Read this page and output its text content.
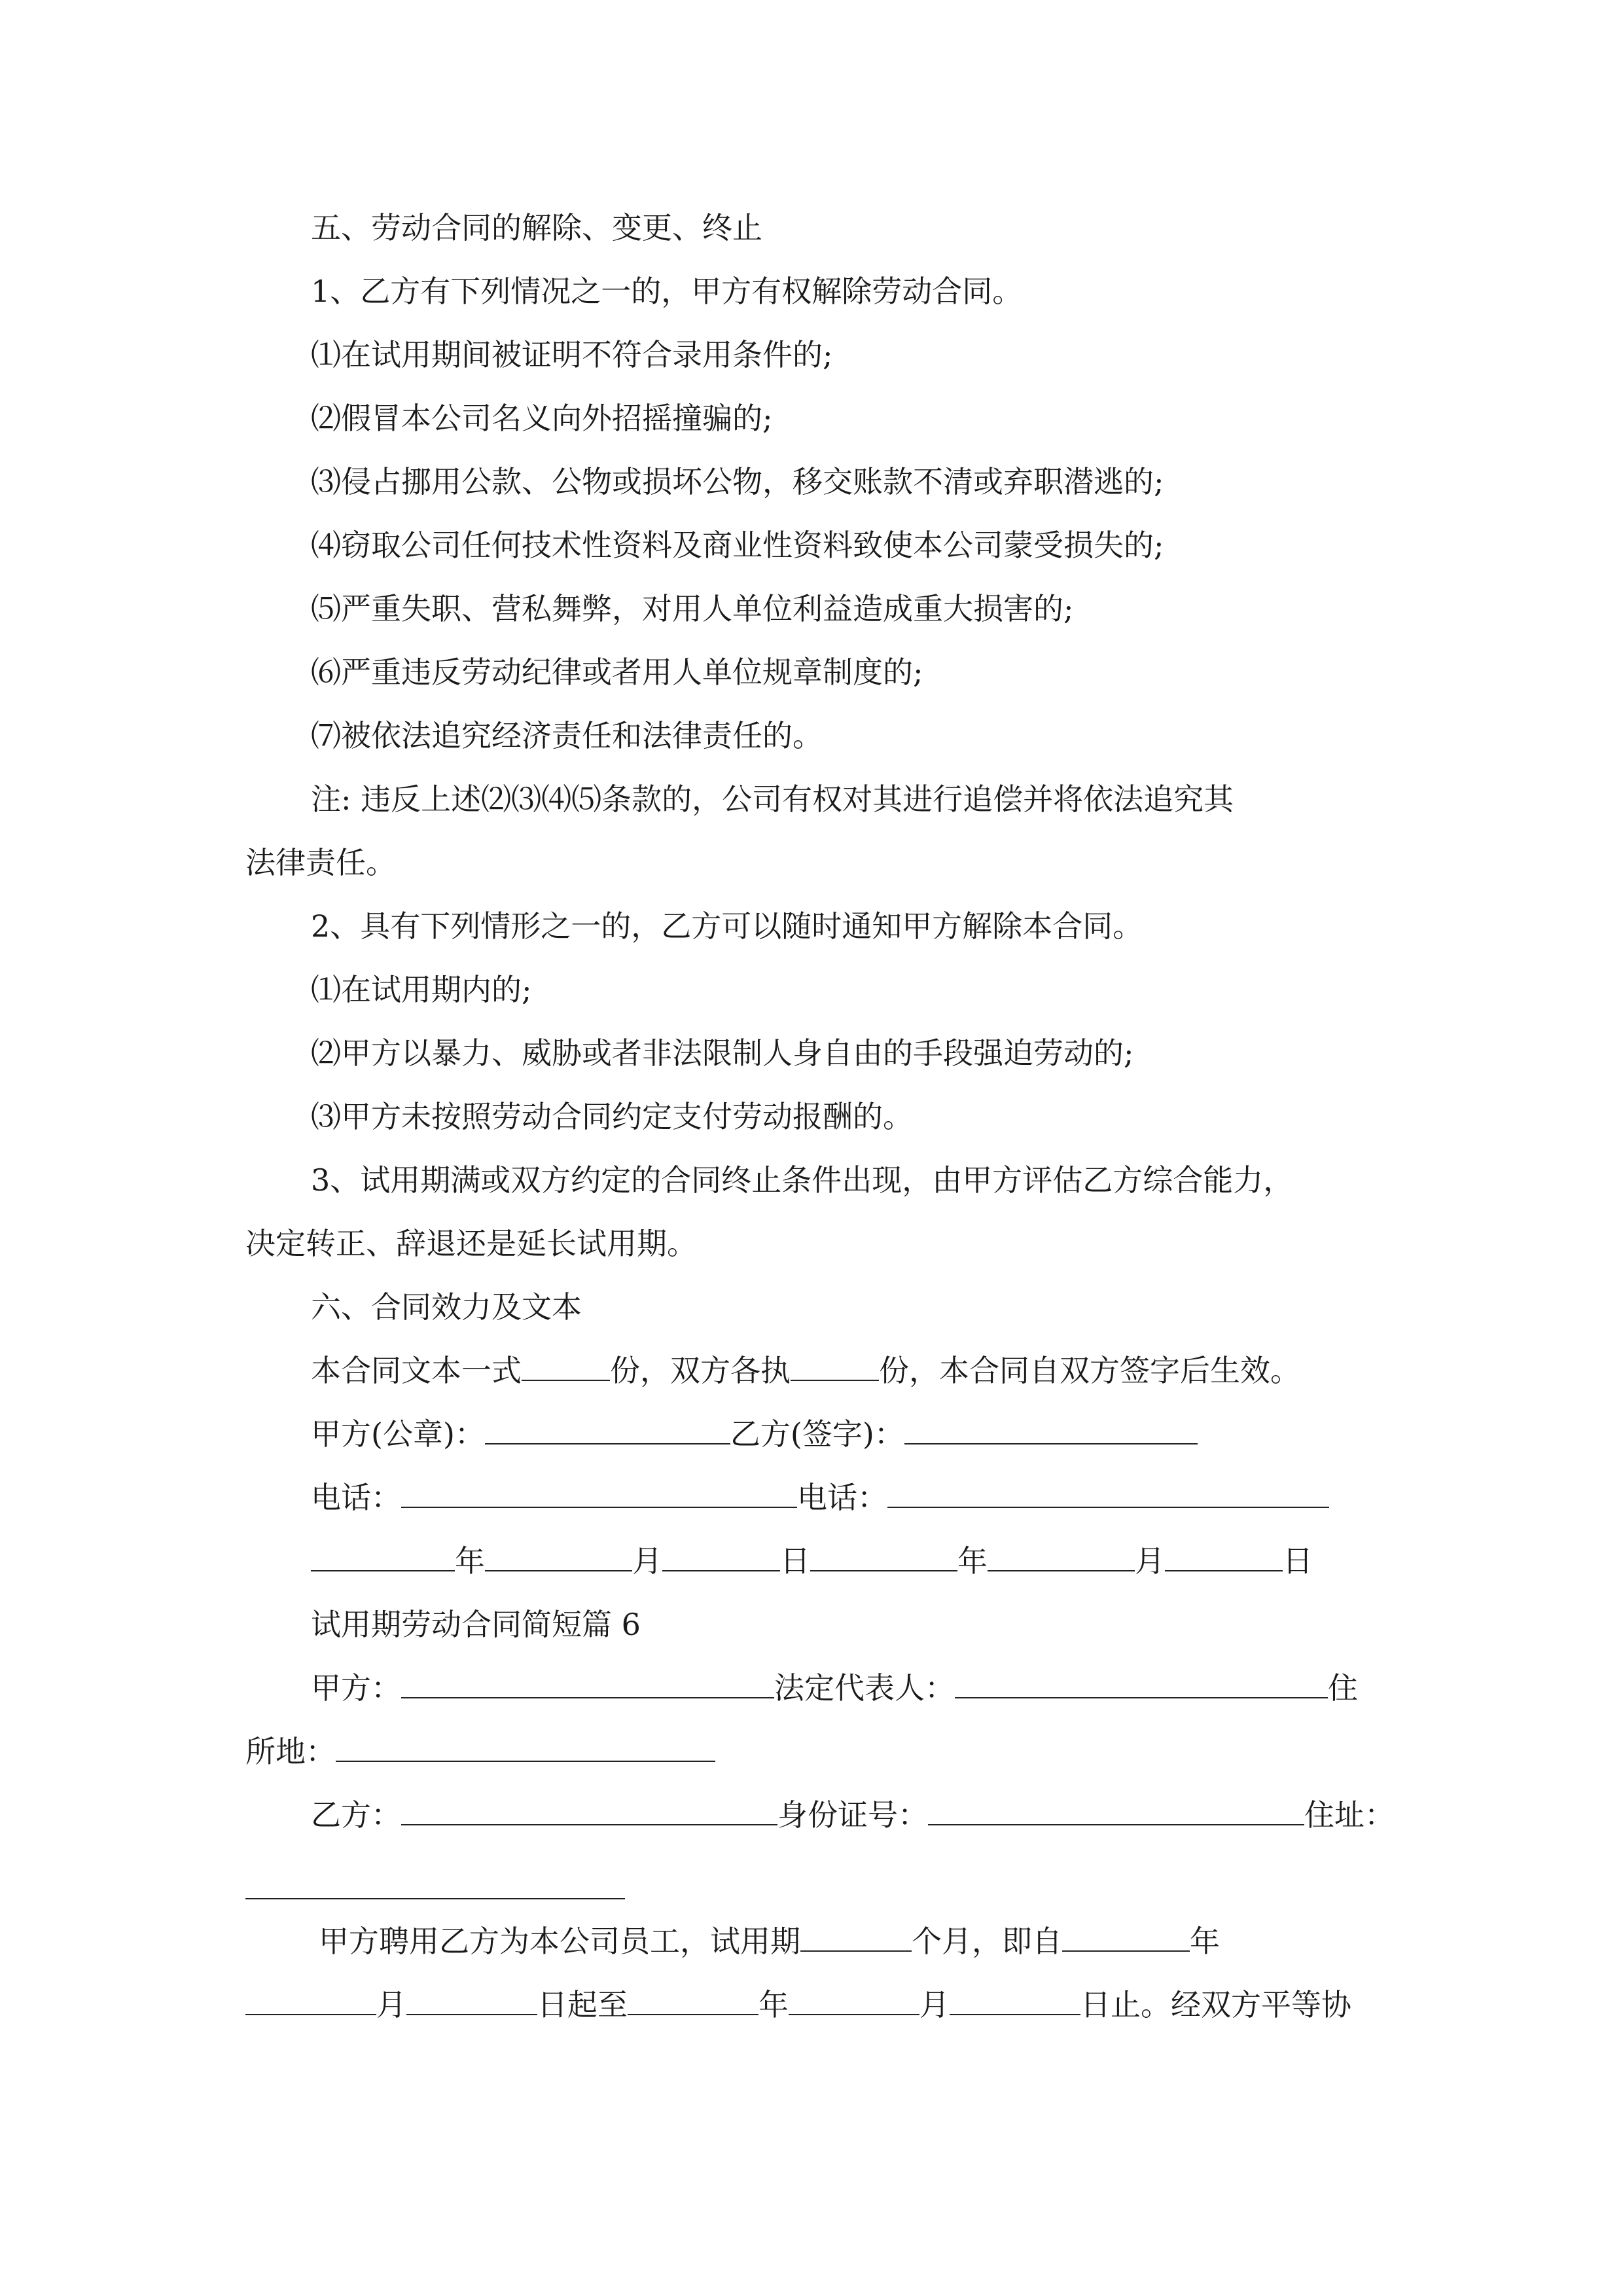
五、劳动合同的解除、变更、终止
1、乙方有下列情况之一的，甲方有权解除劳动合同。
⑴在试用期间被证明不符合录用条件的;
⑵假冒本公司名义向外招摇撞骗的;
⑶侵占挪用公款、公物或损坏公物，移交账款不清或弃职潜逃的;
⑷窃取公司任何技术性资料及商业性资料致使本公司蒙受损失的;
⑸严重失职、营私舞弊，对用人单位利益造成重大损害的;
⑹严重违反劳动纪律或者用人单位规章制度的;
⑺被依法追究经济责任和法律责任的。
注: 违反上述⑵⑶⑷⑸条款的，公司有权对其进行追偿并将依法追究其
法律责任。
2、具有下列情形之一的，乙方可以随时通知甲方解除本合同。
⑴在试用期内的;
⑵甲方以暴力、威胁或者非法限制人身自由的手段强迫劳动的;
⑶甲方未按照劳动合同约定支付劳动报酬的。
3、试用期满或双方约定的合同终止条件出现，由甲方评估乙方综合能力，
决定转正、辞退还是延长试用期。
六、合同效力及文本
本合同文本一式	份，双方各执	份，本合同自双方签字后生效。
甲方(公章)：	乙方(签字)：
电话：	电话：
年	月	日	年	月	日
试用期劳动合同简短篇 6
甲方：	法定代表人：	住
所地：
乙方：	身份证号：	住址：
甲方聘用乙方为本公司员工，试用期	个月，即自	年
月	日起至	年	月	日止。经双方平等协
